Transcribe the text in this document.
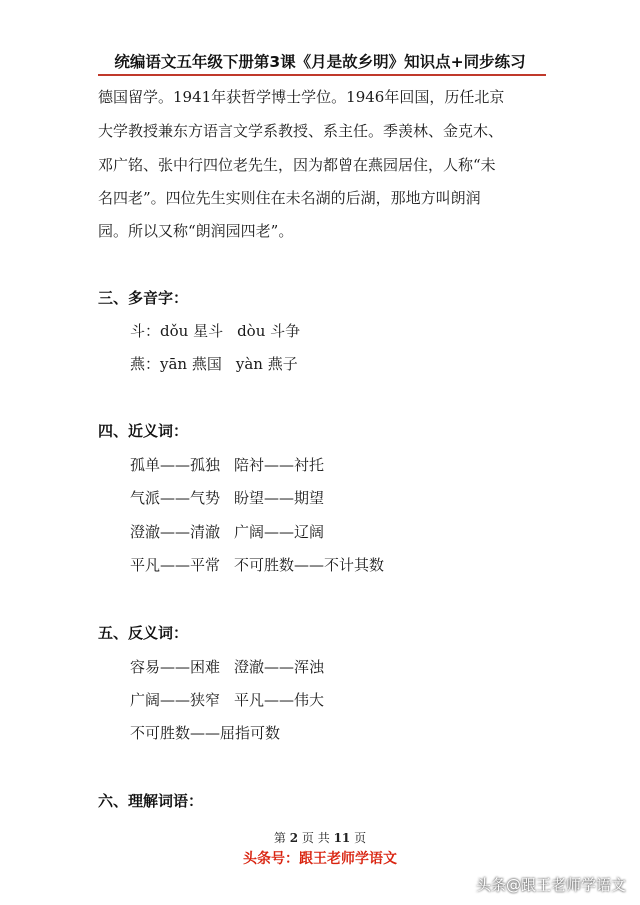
统编语文五年级下册第3课《月是故乡明》知识点+同步练习
德国留学。1941年获哲学博士学位。1946年回国，历任北京
大学教授兼东方语言文学系教授、系主任。季羡林、金克木、
邓广铭、张中行四位老先生，因为都曾在燕园居住，人称“未
名四老”。四位先生实则住在未名湖的后湖，那地方叫朗润
园。所以又称“朗润园四老”。
三、多音字：
斗：dǒu 星斗 dòu 斗争
燕：yān 燕国 yàn 燕子
四、近义词：
孤单——孤独 陪衬——衬托
气派——气势 盼望——期望
澄澈——清澈 广阔——辽阔
平凡——平常 不可胜数——不计其数
五、反义词：
容易——困难 澄澈——浑浊
广阔——狭窄 平凡——伟大
不可胜数——屈指可数
六、理解词语：
第 2 页 共 11 页
头条号：跟王老师学语文
头条@跟王老师学语文
